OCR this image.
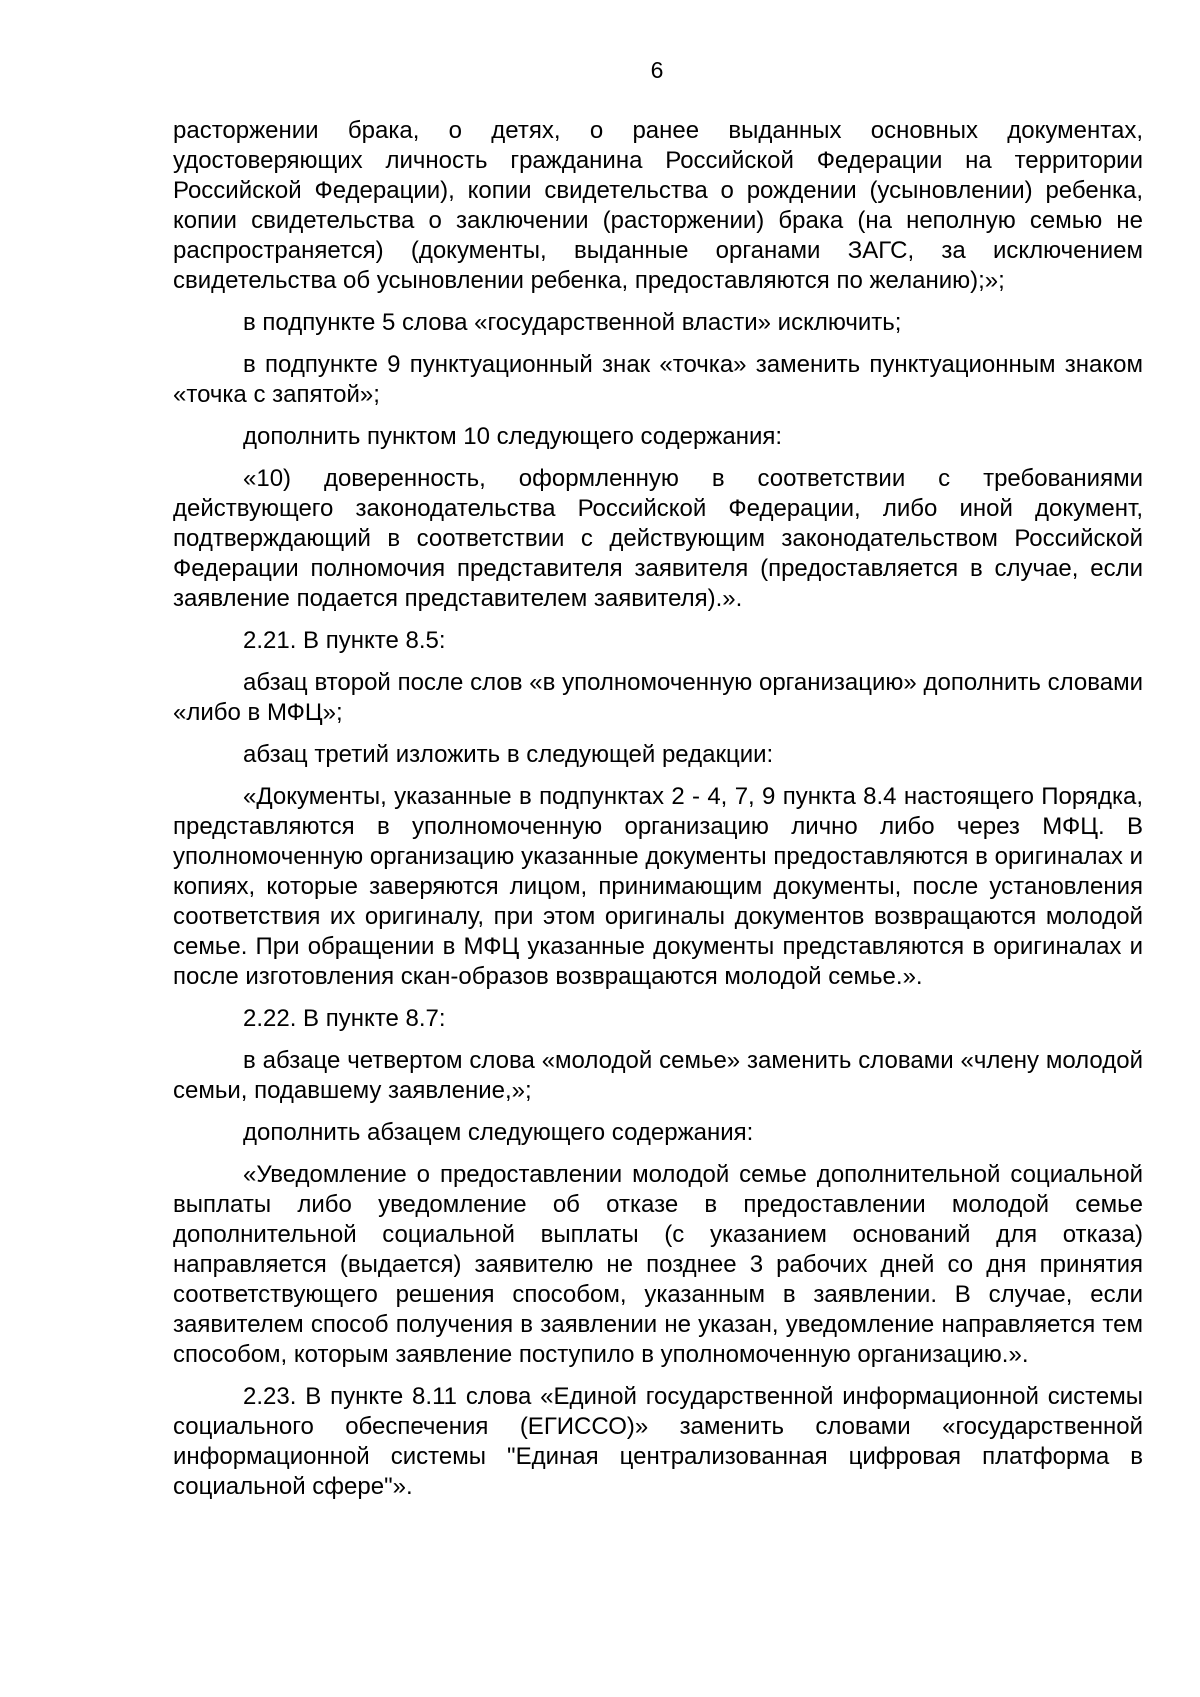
6

расторжении брака, о детях, о ранее выданных основных документах, удостоверяющих личность гражданина Российской Федерации на территории Российской Федерации), копии свидетельства о рождении (усыновлении) ребенка, копии свидетельства о заключении (расторжении) брака (на неполную семью не распространяется) (документы, выданные органами ЗАГС, за исключением свидетельства об усыновлении ребенка, предоставляются по желанию);»;

в подпункте 5 слова «государственной власти» исключить;

в подпункте 9 пунктуационный знак «точка» заменить пунктуационным знаком «точка с запятой»;

дополнить пунктом 10 следующего содержания:

«10) доверенность, оформленную в соответствии с требованиями действующего законодательства Российской Федерации, либо иной документ, подтверждающий в соответствии с действующим законодательством Российской Федерации полномочия представителя заявителя (предоставляется в случае, если заявление подается представителем заявителя).».

2.21. В пункте 8.5:

абзац второй после слов «в уполномоченную организацию» дополнить словами «либо в МФЦ»;

абзац третий изложить в следующей редакции:

«Документы, указанные в подпунктах 2 - 4, 7, 9 пункта 8.4 настоящего Порядка, представляются в уполномоченную организацию лично либо через МФЦ. В уполномоченную организацию указанные документы предоставляются в оригиналах и копиях, которые заверяются лицом, принимающим документы, после установления соответствия их оригиналу, при этом оригиналы документов возвращаются молодой семье. При обращении в МФЦ указанные документы представляются в оригиналах и после изготовления скан-образов возвращаются молодой семье.».

2.22. В пункте 8.7:

в абзаце четвертом слова «молодой семье» заменить словами «члену молодой семьи, подавшему заявление,»;

дополнить абзацем следующего содержания:

«Уведомление о предоставлении молодой семье дополнительной социальной выплаты либо уведомление об отказе в предоставлении молодой семье дополнительной социальной выплаты (с указанием оснований для отказа) направляется (выдается) заявителю не позднее 3 рабочих дней со дня принятия соответствующего решения способом, указанным в заявлении. В случае, если заявителем способ получения в заявлении не указан, уведомление направляется тем способом, которым заявление поступило в уполномоченную организацию.».

2.23. В пункте 8.11 слова «Единой государственной информационной системы социального обеспечения (ЕГИССО)» заменить словами «государственной информационной системы "Единая централизованная цифровая платформа в социальной сфере"».
